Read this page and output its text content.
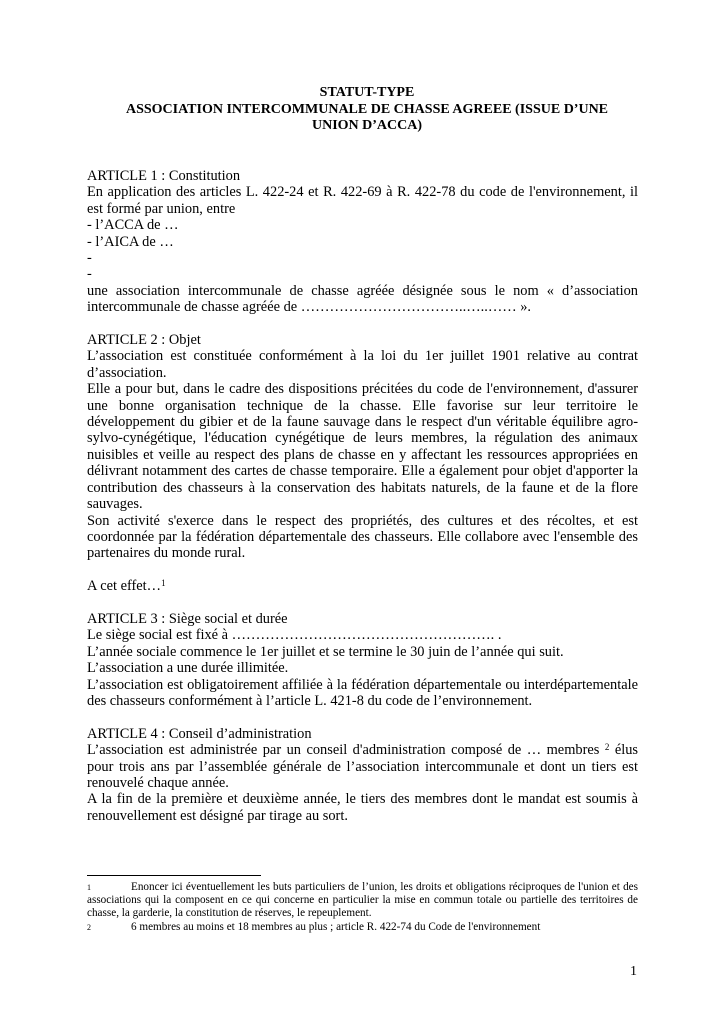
STATUT-TYPE
ASSOCIATION INTERCOMMUNALE DE CHASSE AGREEE (ISSUE D’UNE
UNION D’ACCA)

ARTICLE 1 : Constitution

En application des articles L. 422-24 et R. 422-69 à R. 422-78 du code de l'environnement, il est formé par union, entre

- l’ACCA de …

- l’AICA de …

-

-

une association intercommunale de chasse agréée désignée sous le nom « d’association intercommunale de chasse agréée de ……………………………..…..…… ».

ARTICLE 2 : Objet

L’association est constituée conformément à la loi du 1er juillet 1901 relative au contrat d’association.

Elle a pour but, dans le cadre des dispositions précitées du code de l'environnement, d'assurer une bonne organisation technique de la chasse. Elle favorise sur leur territoire le développement du gibier et de la faune sauvage dans le respect d'un véritable équilibre agro-sylvo-cynégétique, l'éducation cynégétique de leurs membres, la régulation des animaux nuisibles et veille au respect des plans de chasse en y affectant les ressources appropriées en délivrant notamment des cartes de chasse temporaire. Elle a également pour objet d'apporter la contribution des chasseurs à la conservation des habitats naturels, de la faune et de la flore sauvages.

Son activité s'exerce dans le respect des propriétés, des cultures et des récoltes, et est coordonnée par la fédération départementale des chasseurs. Elle collabore avec l'ensemble des partenaires du monde rural.

A cet effet…$^1$

ARTICLE 3 : Siège social et durée

Le siège social est fixé à ………………………………………………. .

L’année sociale commence le 1er juillet et se termine le 30 juin de l’année qui suit.

L’association a une durée illimitée.

L’association est obligatoirement affiliée à la fédération départementale ou interdépartementale des chasseurs conformément à l’article L. 421-8 du code de l’environnement.

ARTICLE 4 : Conseil d’administration

L’association est administrée par un conseil d'administration composé de … membres $^2$ élus pour trois ans par l’assemblée générale de l’association intercommunale et dont un tiers est renouvelé chaque année.

A la fin de la première et deuxième année, le tiers des membres dont le mandat est soumis à renouvellement est désigné par tirage au sort.

1	Enoncer ici éventuellement les buts particuliers de l’union, les droits et obligations réciproques de l'union et des associations qui la composent en ce qui concerne en particulier la mise en commun totale ou partielle des territoires de chasse, la garderie, la constitution de réserves, le repeuplement.

2	6 membres au moins et 18 membres au plus ; article R. 422-74 du Code de l'environnement

1
